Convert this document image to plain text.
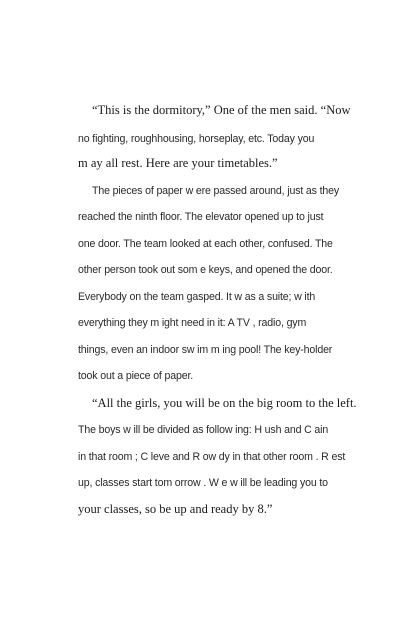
“This is the dormitory,” One of the men said. “Now

no fighting, roughhousing, horseplay, etc. Today you

m ay all rest. Here are your timetables.”

The pieces of paper w ere passed around, just as they

reached the ninth floor. The elevator opened up to just

one door. The team looked at each other, confused. The

other person took out som e keys, and opened the door.

Everybody on the team gasped. It w as a suite; w ith

everything they m ight need in it: A TV , radio, gym

things, even an indoor sw im m ing pool! The key-holder

took out a piece of paper.

“All the girls, you will be on the big room to the left.

The boys w ill be divided as follow ing: H ush and C ain

in that room ; C leve and R ow dy in that other room . R est

up, classes start tom orrow . W e w ill be leading you to

your classes, so be up and ready by 8.”
